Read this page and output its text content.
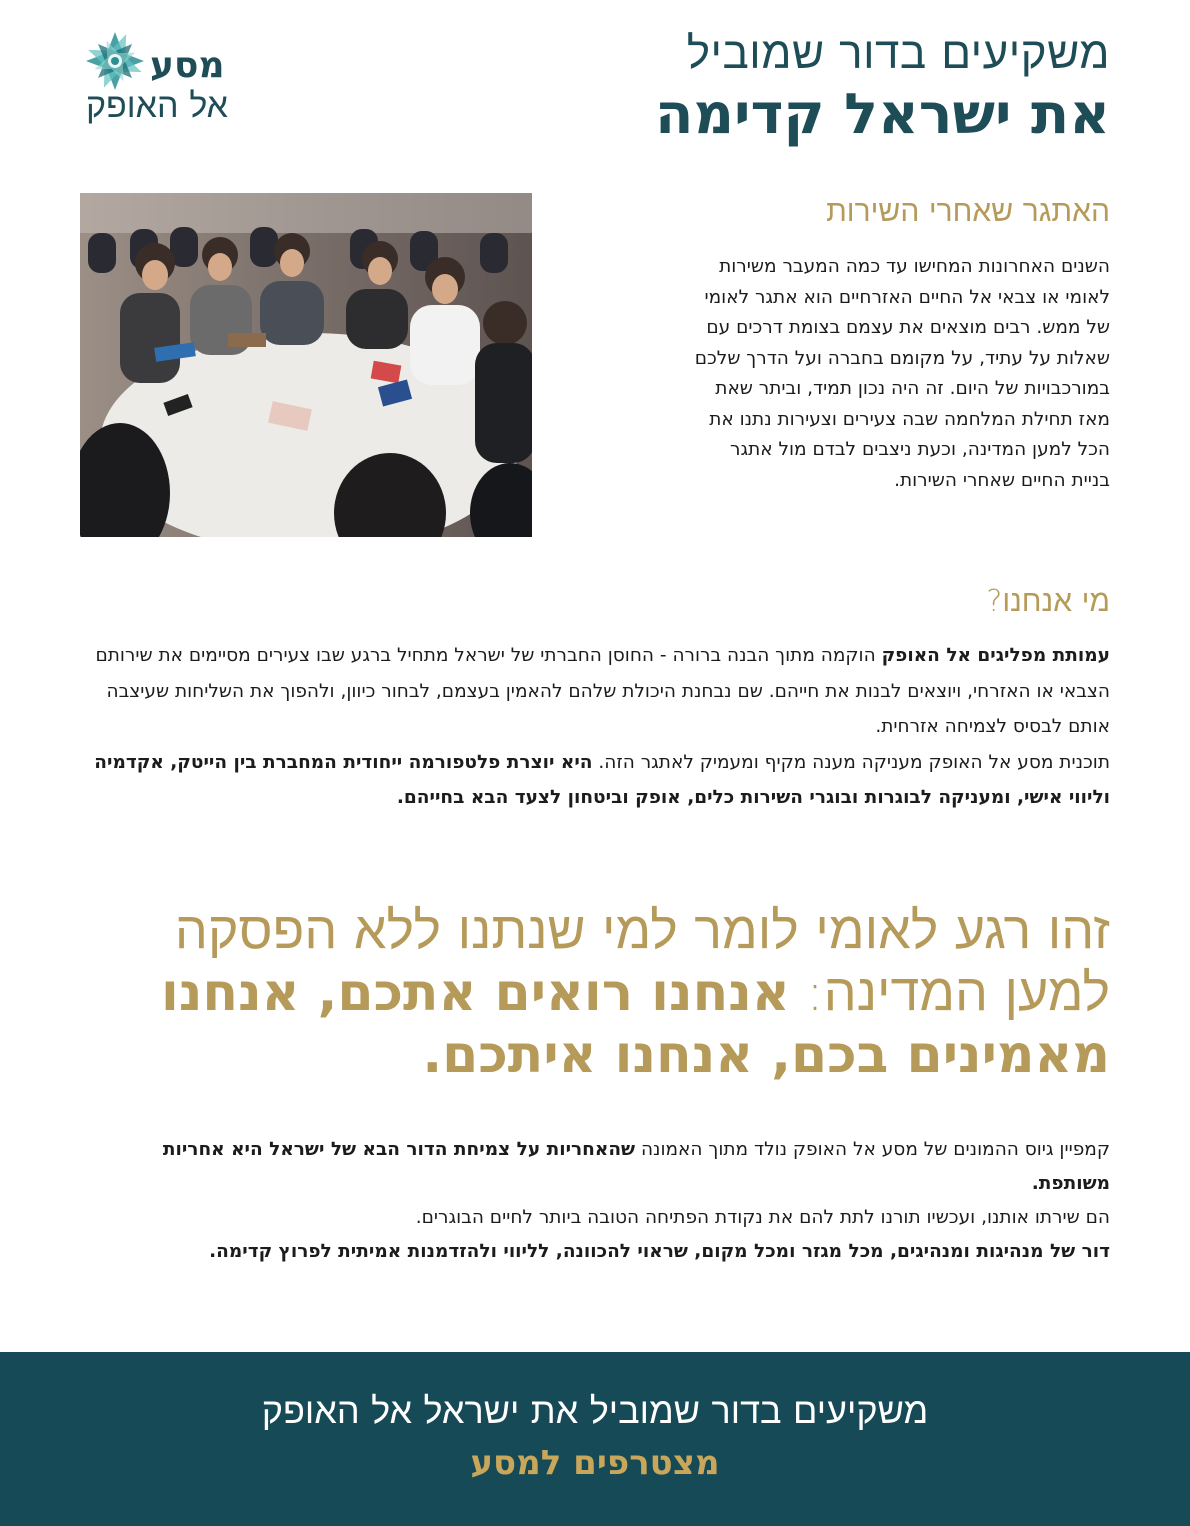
משקיעים בדור שמוביל
את ישראל קדימה
מסע
אל האופק
האתגר שאחרי השירות

השנים האחרונות המחישו עד כמה המעבר משירות

לאומי או צבאי אל החיים האזרחיים הוא אתגר לאומי

של ממש. רבים מוצאים את עצמם בצומת דרכים עם

שאלות על עתיד, על מקומם בחברה ועל הדרך שלכם

במורכבויות של היום. זה היה נכון תמיד, וביתר שאת

מאז תחילת המלחמה שבה צעירים וצעירות נתנו את

הכל למען המדינה, וכעת ניצבים לבדם מול אתגר

בניית החיים שאחרי השירות.

מי אנחנו?

עמותת מפליגים אל האופק הוקמה מתוך הבנה ברורה - החוסן החברתי של ישראל מתחיל ברגע שבו צעירים מסיימים את שירותם הצבאי או האזרחי, ויוצאים לבנות את חייהם. שם נבחנת היכולת שלהם להאמין בעצמם, לבחור כיוון, ולהפוך את השליחות שעיצבה אותם לבסיס לצמיחה אזרחית.

תוכנית מסע אל האופק מעניקה מענה מקיף ומעמיק לאתגר הזה. היא יוצרת פלטפורמה ייחודית המחברת בין הייטק, אקדמיה וליווי אישי, ומעניקה לבוגרות ובוגרי השירות כלים, אופק וביטחון לצעד הבא בחייהם.

זהו רגע לאומי לומר למי שנתנו ללא הפסקה למען המדינה: אנחנו רואים אתכם, אנחנו מאמינים בכם, אנחנו איתכם.

קמפיין גיוס ההמונים של מסע אל האופק נולד מתוך האמונה שהאחריות על צמיחת הדור הבא של ישראל היא אחריות משותפת.

הם שירתו אותנו, ועכשיו תורנו לתת להם את נקודת הפתיחה הטובה ביותר לחיים הבוגרים.

דור של מנהיגות ומנהיגים, מכל מגזר ומכל מקום, שראוי להכוונה, לליווי ולהזדמנות אמיתית לפרוץ קדימה.

משקיעים בדור שמוביל את ישראל אל האופק
מצטרפים למסע
